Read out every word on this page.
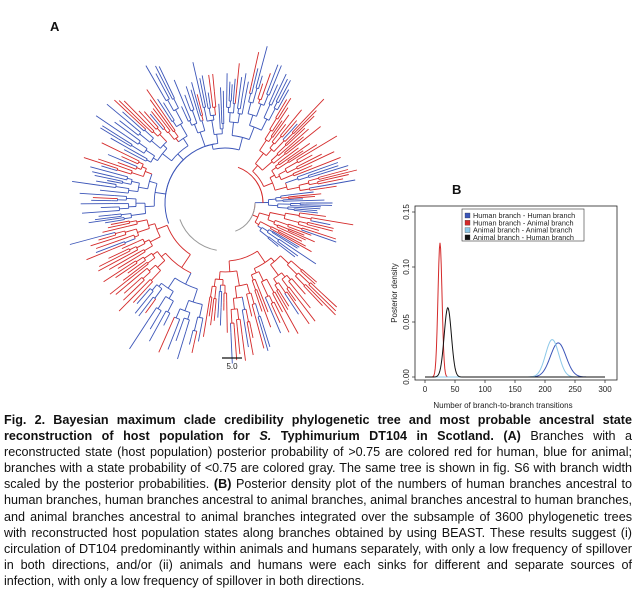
A
5.0
B
0	50 100 150 200 250 300
0.00
0.05
0.10
0.15
Number of branch-to-branch transitions
Posterior density
Human branch - Human branch
Human branch - Animal branch
Animal branch - Animal branch
Animal branch - Human branch
Fig. 2. Bayesian maximum clade credibility phylogenetic tree and most probable ancestral state reconstruction of host population for S. Typhimurium DT104 in Scotland. (A) Branches with a reconstructed state (host population) posterior probability of >0.75 are colored red for human, blue for animal; branches with a state probability of <0.75 are colored gray. The same tree is shown in fig. S6 with branch width scaled by the posterior probabilities. (B) Posterior density plot of the numbers of human branches ancestral to human branches, human branches ancestral to animal branches, animal branches ancestral to human branches, and animal branches ancestral to animal branches integrated over the subsample of 3600 phylogenetic trees with reconstructed host population states along branches obtained by using BEAST. These results suggest (i) circulation of DT104 predominantly within animals and humans separately, with only a low frequency of spillover in both directions, and/or (ii) animals and humans were each sinks for different and separate sources of infection, with only a low frequency of spillover in both directions.
